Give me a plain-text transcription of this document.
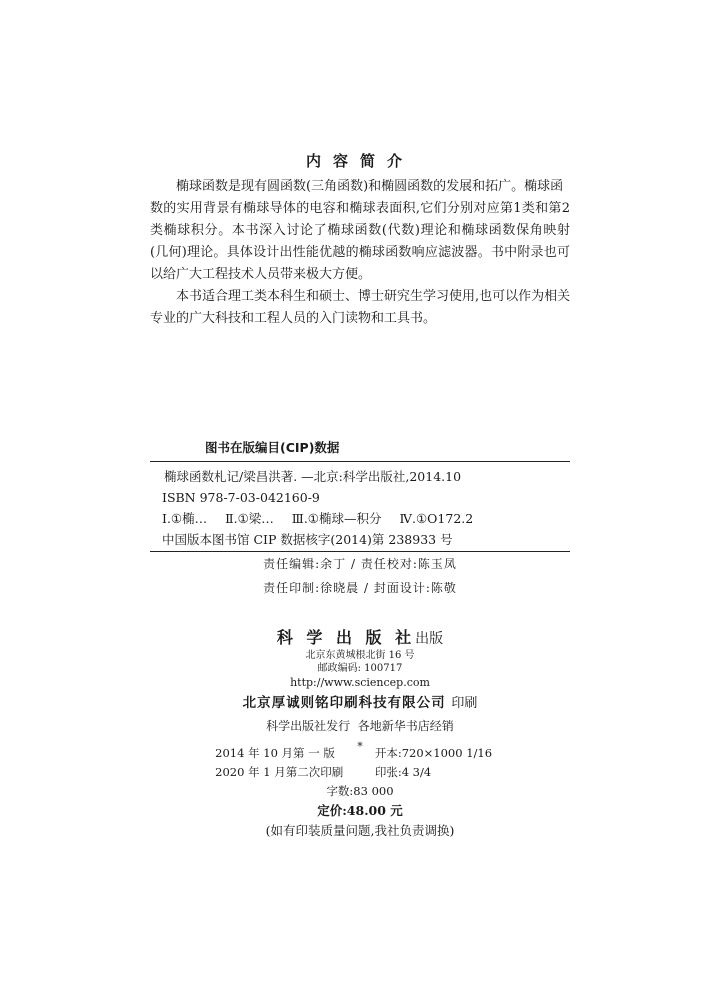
内容简介
椭球函数是现有圆函数(三角函数)和椭圆函数的发展和拓广。椭球函
数的实用背景有椭球导体的电容和椭球表面积,它们分别对应第1类和第2
类椭球积分。本书深入讨论了椭球函数(代数)理论和椭球函数保角映射
(几何)理论。具体设计出性能优越的椭球函数响应滤波器。书中附录也可
以给广大工程技术人员带来极大方便。
本书适合理工类本科生和硕士、博士研究生学习使用,也可以作为相关
专业的广大科技和工程人员的入门读物和工具书。
图书在版编目(CIP)数据
椭球函数札记/梁昌洪著. —北京:科学出版社,2014.10
ISBN 978-7-03-042160-9
Ⅰ.①椭… Ⅱ.①梁… Ⅲ.①椭球—积分 Ⅳ.①O172.2
中国版本图书馆 CIP 数据核字(2014)第 238933 号
责任编辑:余丁 / 责任校对:陈玉凤
责任印制:徐晓晨 / 封面设计:陈敬
科 学 出 版 社出版
北京东黄城根北街 16 号
邮政编码: 100717
http://www.sciencep.com
北京厚诚则铭印刷科技有限公司 印刷
科学出版社发行  各地新华书店经销
*
2014 年 10 月第 一 版	开本:720×1000 1/16
2020 年 1 月第二次印刷	印张:4 3/4
字数:83 000
定价:48.00 元
(如有印装质量问题,我社负责调换)
